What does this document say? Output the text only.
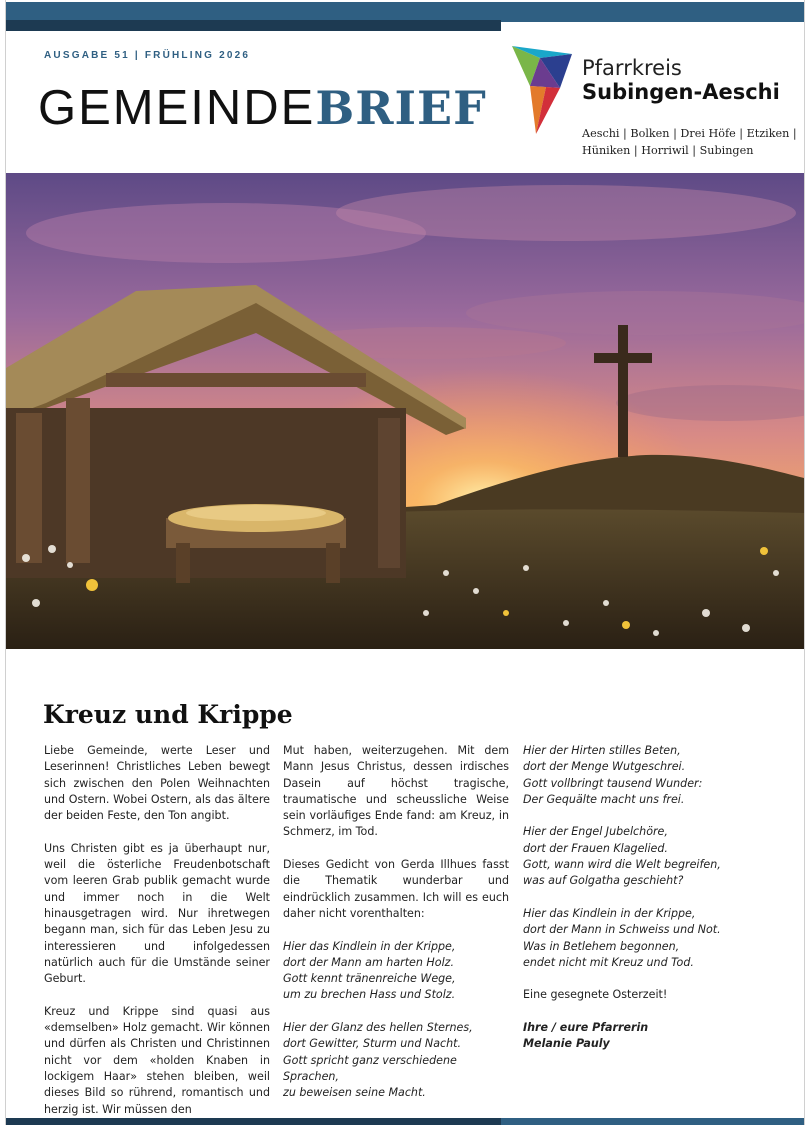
AUSGABE 51 | FRÜHLING 2026
GEMEINDEBRIEF
Pfarrkreis
Subingen-Aeschi
Aeschi | Bolken | Drei Höfe | Etziken |
Hüniken | Horriwil | Subingen
Kreuz und Krippe

Liebe Gemeinde, werte Leser und Leserinnen! Christliches Leben bewegt sich zwischen den Polen Weihnachten und Ostern. Wobei Ostern, als das ältere der beiden Feste, den Ton angibt.

Uns Christen gibt es ja überhaupt nur, weil die österliche Freudenbotschaft vom leeren Grab publik gemacht wurde und immer noch in die Welt hinausgetragen wird. Nur ihretwegen begann man, sich für das Leben Jesu zu interessieren und infolgedessen natürlich auch für die Umstände seiner Geburt.

Kreuz und Krippe sind quasi aus «demselben» Holz gemacht. Wir können und dürfen als Christen und Christinnen nicht vor dem «holden Knaben in lockigem Haar» stehen bleiben, weil dieses Bild so rührend, romantisch und herzig ist. Wir müssen den

Mut haben, weiterzugehen. Mit dem Mann Jesus Christus, dessen irdisches Dasein auf höchst tragische, traumatische und scheussliche Weise sein vorläufiges Ende fand: am Kreuz, in Schmerz, im Tod.

Dieses Gedicht von Gerda Illhues fasst die Thematik wunderbar und eindrücklich zusammen. Ich will es euch daher nicht vorenthalten:

Hier das Kindlein in der Krippe,
dort der Mann am harten Holz.
Gott kennt tränenreiche Wege,
um zu brechen Hass und Stolz.

Hier der Glanz des hellen Sternes,
dort Gewitter, Sturm und Nacht.
Gott spricht ganz verschiedene Sprachen,
zu beweisen seine Macht.

Hier der Hirten stilles Beten,
dort der Menge Wutgeschrei.
Gott vollbringt tausend Wunder:
Der Gequälte macht uns frei.

Hier der Engel Jubelchöre,
dort der Frauen Klagelied.
Gott, wann wird die Welt begreifen,
was auf Golgatha geschieht?

Hier das Kindlein in der Krippe,
dort der Mann in Schweiss und Not.
Was in Betlehem begonnen,
endet nicht mit Kreuz und Tod.

Eine gesegnete Osterzeit!

Ihre / eure Pfarrerin
Melanie Pauly
